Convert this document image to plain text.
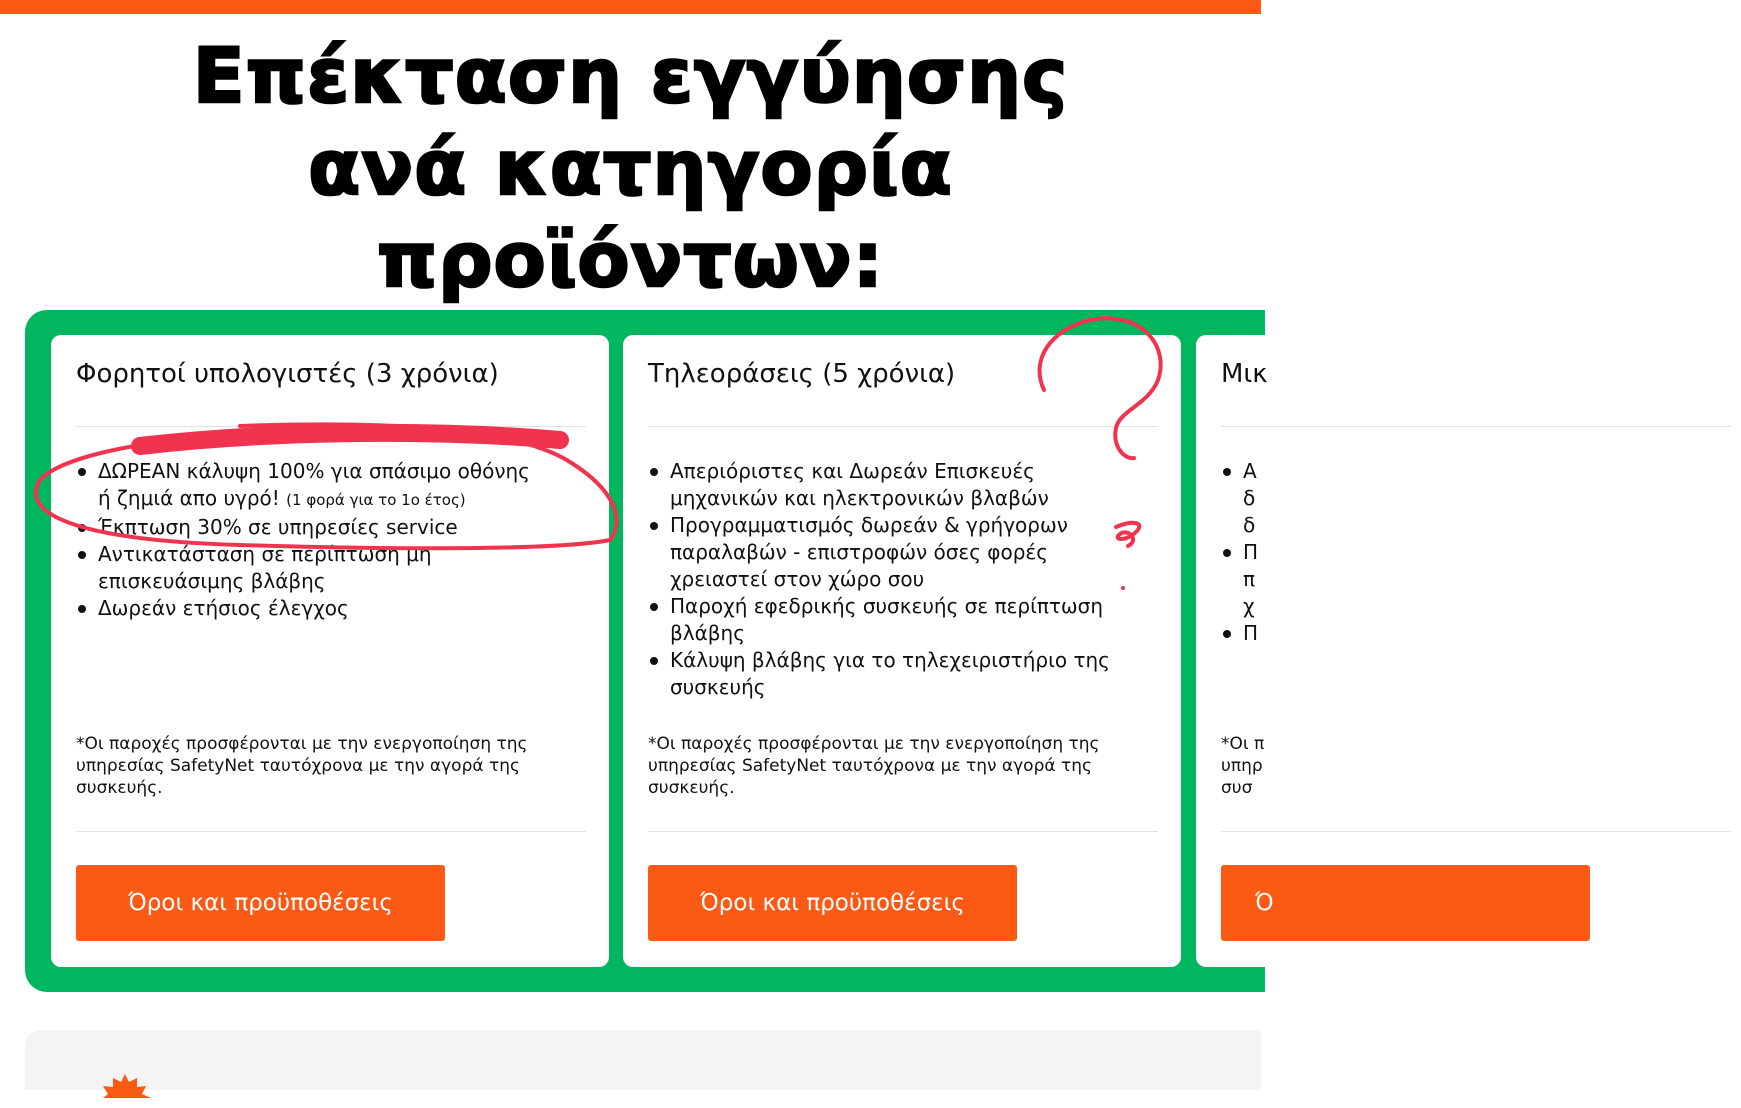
Επέκταση εγγύησης
ανά κατηγορία
προϊόντων:
Φορητοί υπολογιστές (3 χρόνια)
ΔΩΡΕΑΝ κάλυψη 100% για σπάσιμο οθόνης
ή ζημιά απο υγρό! (1 φορά για το 1ο έτος)
Έκπτωση 30% σε υπηρεσίες service
Αντικατάσταση σε περίπτωση μη
επισκευάσιμης βλάβης
Δωρεάν ετήσιος έλεγχος
*Οι παροχές προσφέρονται με την ενεργοποίηση της
υπηρεσίας SafetyNet ταυτόχρονα με την αγορά της
συσκευής.
Όροι και προϋποθέσεις
Τηλεοράσεις (5 χρόνια)
Απεριόριστες και Δωρεάν Επισκευές
μηχανικών και ηλεκτρονικών βλαβών
Προγραμματισμός δωρεάν & γρήγορων
παραλαβών - επιστροφών όσες φορές
χρειαστεί στον χώρο σου
Παροχή εφεδρικής συσκευής σε περίπτωση
βλάβης
Κάλυψη βλάβης για το τηλεχειριστήριο της
συσκευής
*Οι παροχές προσφέρονται με την ενεργοποίηση της
υπηρεσίας SafetyNet ταυτόχρονα με την αγορά της
συσκευής.
Όροι και προϋποθέσεις
Μικ
Α
δ
δ
Π
π
χ
Π
*Οι π
υπηρ
συσ
Ό
